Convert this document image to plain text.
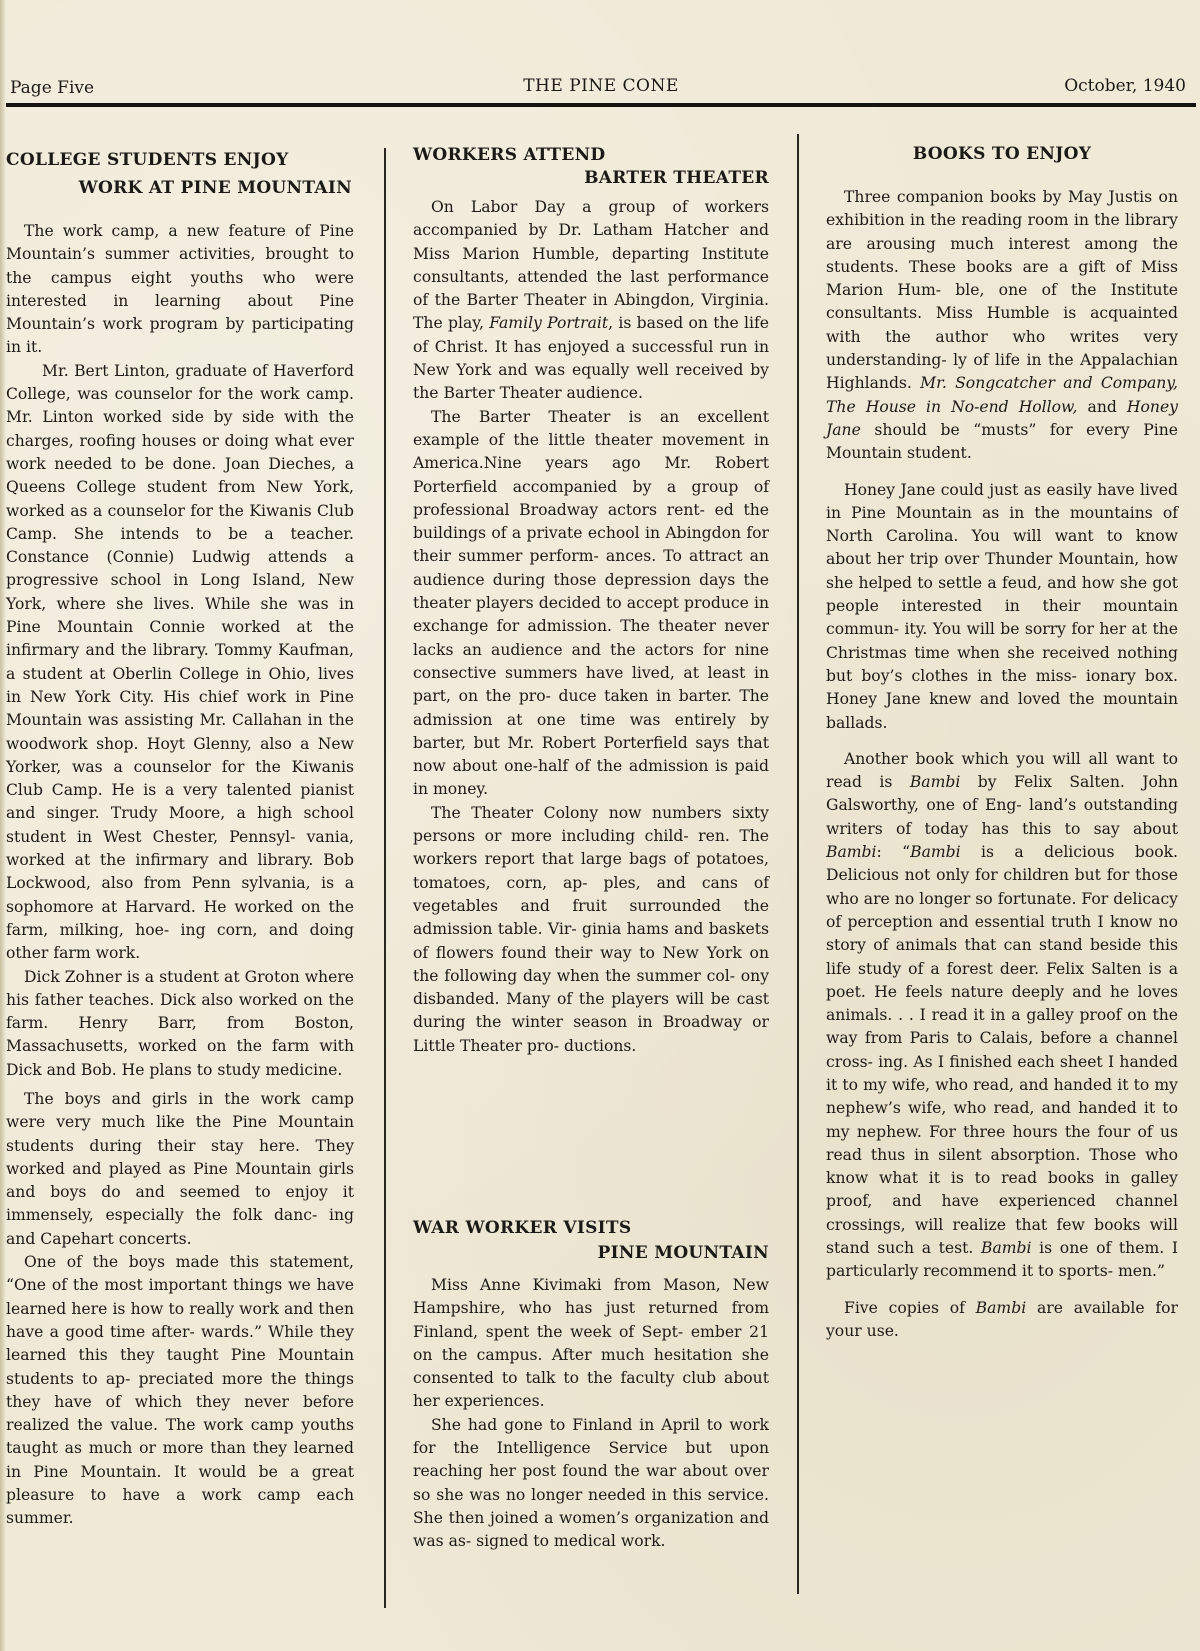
Page Five	THE PINE CONE	October, 1940
COLLEGE STUDENTS ENJOY
WORK AT PINE MOUNTAIN

The work camp, a new feature of Pine Mountain’s summer activities, brought to the campus eight youths who were interested in learning about Pine Mountain’s work program by participating in it.

Mr. Bert Linton, graduate of Haverford College, was counselor for the work camp. Mr. Linton worked side by side with the charges, roofing houses or doing what ever work needed to be done. Joan Dieches, a Queens College student from New York, worked as a counselor for the Kiwanis Club Camp. She intends to be a teacher. Constance (Connie) Ludwig attends a progressive school in Long Island, New York, where she lives. While she was in Pine Mountain Connie worked at the infirmary and the library. Tommy Kaufman, a student at Oberlin College in Ohio, lives in New York City. His chief work in Pine Mountain was assisting Mr. Callahan in the woodwork shop. Hoyt Glenny, also a New Yorker, was a counselor for the Kiwanis Club Camp. He is a very talented pianist and singer. Trudy Moore, a high school student in West Chester, Pennsyl- vania, worked at the infirmary and library. Bob Lockwood, also from Penn sylvania, is a sophomore at Harvard. He worked on the farm, milking, hoe- ing corn, and doing other farm work.

Dick Zohner is a student at Groton where his father teaches. Dick also worked on the farm. Henry Barr, from Boston, Massachusetts, worked on the farm with Dick and Bob. He plans to study medicine.

The boys and girls in the work camp were very much like the Pine Mountain students during their stay here. They worked and played as Pine Mountain girls and boys do and seemed to enjoy it immensely, especially the folk danc- ing and Capehart concerts.

One of the boys made this statement, “One of the most important things we have learned here is how to really work and then have a good time after- wards.” While they learned this they taught Pine Mountain students to ap- preciated more the things they have of which they never before realized the value. The work camp youths taught as much or more than they learned in Pine Mountain. It would be a great pleasure to have a work camp each summer.

WORKERS ATTEND
BARTER THEATER

On Labor Day a group of workers accompanied by Dr. Latham Hatcher and Miss Marion Humble, departing Institute consultants, attended the last performance of the Barter Theater in Abingdon, Virginia. The play, Family Portrait, is based on the life of Christ. It has enjoyed a successful run in New York and was equally well received by the Barter Theater audience.

The Barter Theater is an excellent example of the little theater movement in America.Nine years ago Mr. Robert Porterfield accompanied by a group of professional Broadway actors rent- ed the buildings of a private echool in Abingdon for their summer perform- ances. To attract an audience during those depression days the theater players decided to accept produce in exchange for admission. The theater never lacks an audience and the actors for nine consective summers have lived, at least in part, on the pro- duce taken in barter. The admission at one time was entirely by barter, but Mr. Robert Porterfield says that now about one-half of the admission is paid in money.

The Theater Colony now numbers sixty persons or more including child- ren. The workers report that large bags of potatoes, tomatoes, corn, ap- ples, and cans of vegetables and fruit surrounded the admission table. Vir- ginia hams and baskets of flowers found their way to New York on the following day when the summer col- ony disbanded. Many of the players will be cast during the winter season in Broadway or Little Theater pro- ductions.

WAR WORKER VISITS
PINE MOUNTAIN

Miss Anne Kivimaki from Mason, New Hampshire, who has just returned from Finland, spent the week of Sept- ember 21 on the campus. After much hesitation she consented to talk to the faculty club about her experiences.

She had gone to Finland in April to work for the Intelligence Service but upon reaching her post found the war about over so she was no longer needed in this service. She then joined a women’s organization and was as- signed to medical work.

BOOKS TO ENJOY

Three companion books by May Justis on exhibition in the reading room in the library are arousing much interest among the students. These books are a gift of Miss Marion Hum- ble, one of the Institute consultants. Miss Humble is acquainted with the author who writes very understanding- ly of life in the Appalachian Highlands. Mr. Songcatcher and Company, The House in No-end Hollow, and Honey Jane should be “musts” for every Pine Mountain student.

Honey Jane could just as easily have lived in Pine Mountain as in the mountains of North Carolina. You will want to know about her trip over Thunder Mountain, how she helped to settle a feud, and how she got people interested in their mountain commun- ity. You will be sorry for her at the Christmas time when she received nothing but boy’s clothes in the miss- ionary box. Honey Jane knew and loved the mountain ballads.

Another book which you will all want to read is Bambi by Felix Salten. John Galsworthy, one of Eng- land’s outstanding writers of today has this to say about Bambi: “Bambi is a delicious book. Delicious not only for children but for those who are no longer so fortunate. For delicacy of perception and essential truth I know no story of animals that can stand beside this life study of a forest deer. Felix Salten is a poet. He feels nature deeply and he loves animals. . . I read it in a galley proof on the way from Paris to Calais, before a channel cross- ing. As I finished each sheet I handed it to my wife, who read, and handed it to my nephew’s wife, who read, and handed it to my nephew. For three hours the four of us read thus in silent absorption. Those who know what it is to read books in galley proof, and have experienced channel crossings, will realize that few books will stand such a test. Bambi is one of them. I particularly recommend it to sports- men.”

Five copies of Bambi are available for your use.
